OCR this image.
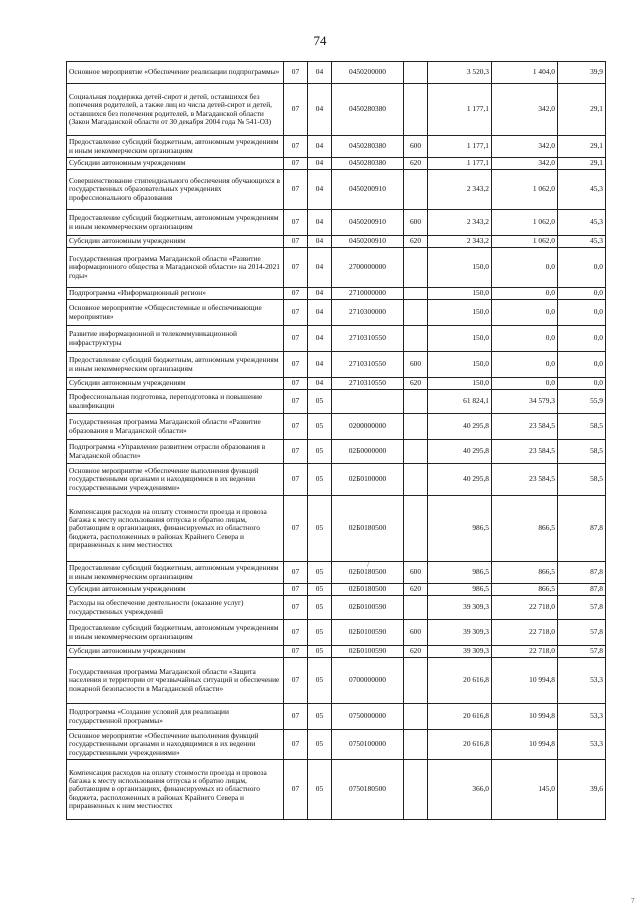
74
Основное мероприятие «Обеспечение реализации подпрограммы»	07	04	0450200000		3 520,3	1 404,0	39,9
Социальная поддержка детей-сирот и детей, оставшихся без попечения родителей, а также лиц из числа детей-сирот и детей, оставшихся без попечения родителей, в Магаданской области (Закон Магаданской области от 30 декабря 2004 года № 541-ОЗ)	07	04	0450280380		1 177,1	342,0	29,1
Предоставление субсидий бюджетным, автономным учреждениям и иным некоммерческим организациям	07	04	0450280380	600	1 177,1	342,0	29,1
Субсидии автономным учреждениям	07	04	0450280380	620	1 177,1	342,0	29,1
Совершенствование стипендиального обеспечения обучающихся в государственных образовательных учреждениях профессионального образования	07	04	0450200910		2 343,2	1 062,0	45,3
Предоставление субсидий бюджетным, автономным учреждениям и иным некоммерческим организациям	07	04	0450200910	600	2 343,2	1 062,0	45,3
Субсидии автономным учреждениям	07	04	0450200910	620	2 343,2	1 062,0	45,3
Государственная программа Магаданской области «Развитие информационного общества в Магаданской области» на 2014-2021 годы»	07	04	2700000000		150,0	0,0	0,0
Подпрограмма «Информационный регион»	07	04	2710000000		150,0	0,0	0,0
Основное мероприятие «Общесистемные и обеспечивающие мероприятия»	07	04	2710300000		150,0	0,0	0,0
Развитие информационной и телекоммуникационной инфраструктуры	07	04	2710310550		150,0	0,0	0,0
Предоставление субсидий бюджетным, автономным учреждениям и иным некоммерческим организациям	07	04	2710310550	600	150,0	0,0	0,0
Субсидии автономным учреждениям	07	04	2710310550	620	150,0	0,0	0,0
Профессиональная подготовка, переподготовка и повышение квалификации	07	05			61 824,1	34 579,3	55,9
Государственная программа Магаданской области «Развитие образования в Магаданской области»	07	05	0200000000		40 295,8	23 584,5	58,5
Подпрограмма «Управление развитием отрасли образования в Магаданской области»	07	05	02Б0000000		40 295,8	23 584,5	58,5
Основное мероприятие «Обеспечение выполнения функций государственными органами и находящимися в их ведении государственными учреждениями»	07	05	02Б0100000		40 295,8	23 584,5	58,5
Компенсация расходов на оплату стоимости проезда и провоза багажа к месту использования отпуска и обратно лицам, работающим в организациях, финансируемых из областного бюджета, расположенных в районах Крайнего Севера и приравненных к ним местностях	07	05	02Б0180500		986,5	866,5	87,8
Предоставление субсидий бюджетным, автономным учреждениям и иным некоммерческим организациям	07	05	02Б0180500	600	986,5	866,5	87,8
Субсидии автономным учреждениям	07	05	02Б0180500	620	986,5	866,5	87,8
Расходы на обеспечение деятельности (оказание услуг) государственных учреждений	07	05	02Б0100590		39 309,3	22 718,0	57,8
Предоставление субсидий бюджетным, автономным учреждениям и иным некоммерческим организациям	07	05	02Б0100590	600	39 309,3	22 718,0	57,8
Субсидии автономным учреждениям	07	05	02Б0100590	620	39 309,3	22 718,0	57,8
Государственная программа Магаданской области «Защита населения и территории от чрезвычайных ситуаций и обеспечение пожарной безопасности в Магаданской области»	07	05	0700000000		20 616,8	10 994,8	53,3
Подпрограмма «Создание условий для реализации государственной программы»	07	05	0750000000		20 616,8	10 994,8	53,3
Основное мероприятие «Обеспечение выполнения функций государственными органами и находящимися в их ведении государственными учреждениями»	07	05	0750100000		20 616,8	10 994,8	53,3
Компенсация расходов на оплату стоимости проезда и провоза багажа к месту использования отпуска и обратно лицам, работающим в организациях, финансируемых из областного бюджета, расположенных в районах Крайнего Севера и приравненных к ним местностях	07	05	0750180500		366,0	145,0	39,6
/
7
